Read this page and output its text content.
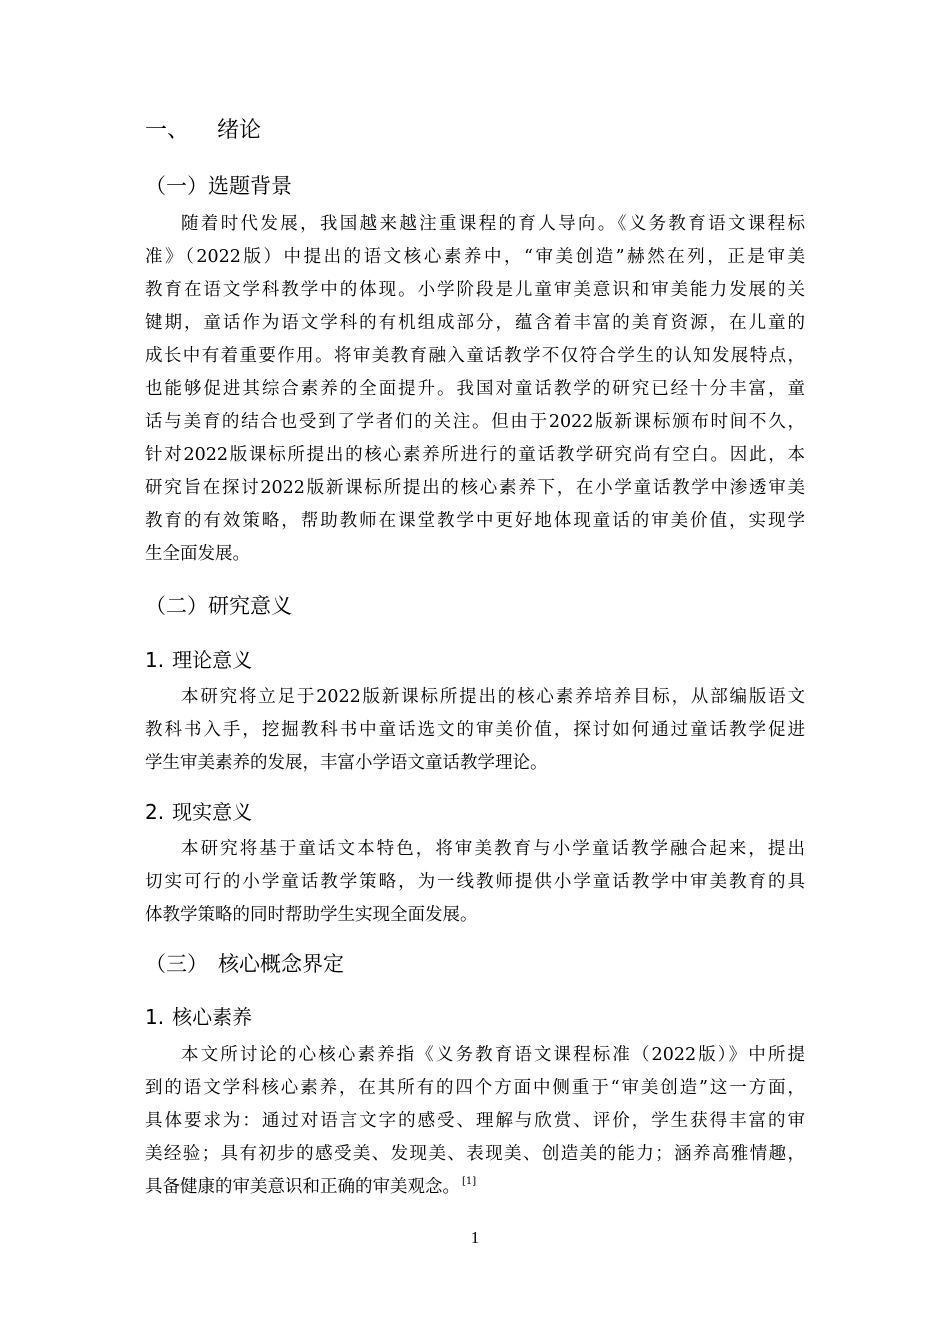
一、 绪论
（一）选题背景
随着时代发展，我国越来越注重课程的育人导向。《义务教育语文课程标
准》（2022版）中提出的语文核心素养中，“审美创造”赫然在列，正是审美
教育在语文学科教学中的体现。小学阶段是儿童审美意识和审美能力发展的关
键期，童话作为语文学科的有机组成部分，蕴含着丰富的美育资源，在儿童的
成长中有着重要作用。将审美教育融入童话教学不仅符合学生的认知发展特点，
也能够促进其综合素养的全面提升。我国对童话教学的研究已经十分丰富，童
话与美育的结合也受到了学者们的关注。但由于2022版新课标颁布时间不久，
针对2022版课标所提出的核心素养所进行的童话教学研究尚有空白。因此，本
研究旨在探讨2022版新课标所提出的核心素养下，在小学童话教学中渗透审美
教育的有效策略，帮助教师在课堂教学中更好地体现童话的审美价值，实现学
生全面发展。
（二）研究意义
1. 理论意义
本研究将立足于2022版新课标所提出的核心素养培养目标，从部编版语文
教科书入手，挖掘教科书中童话选文的审美价值，探讨如何通过童话教学促进
学生审美素养的发展，丰富小学语文童话教学理论。
2. 现实意义
本研究将基于童话文本特色，将审美教育与小学童话教学融合起来，提出
切实可行的小学童话教学策略，为一线教师提供小学童话教学中审美教育的具
体教学策略的同时帮助学生实现全面发展。
（三） 核心概念界定
1. 核心素养
本文所讨论的心核心素养指《义务教育语文课程标准（2022版）》中所提
到的语文学科核心素养，在其所有的四个方面中侧重于“审美创造”这一方面，
具体要求为：通过对语言文字的感受、理解与欣赏、评价，学生获得丰富的审
美经验；具有初步的感受美、发现美、表现美、创造美的能力；涵养高雅情趣，
具备健康的审美意识和正确的审美观念。 [1]
1
